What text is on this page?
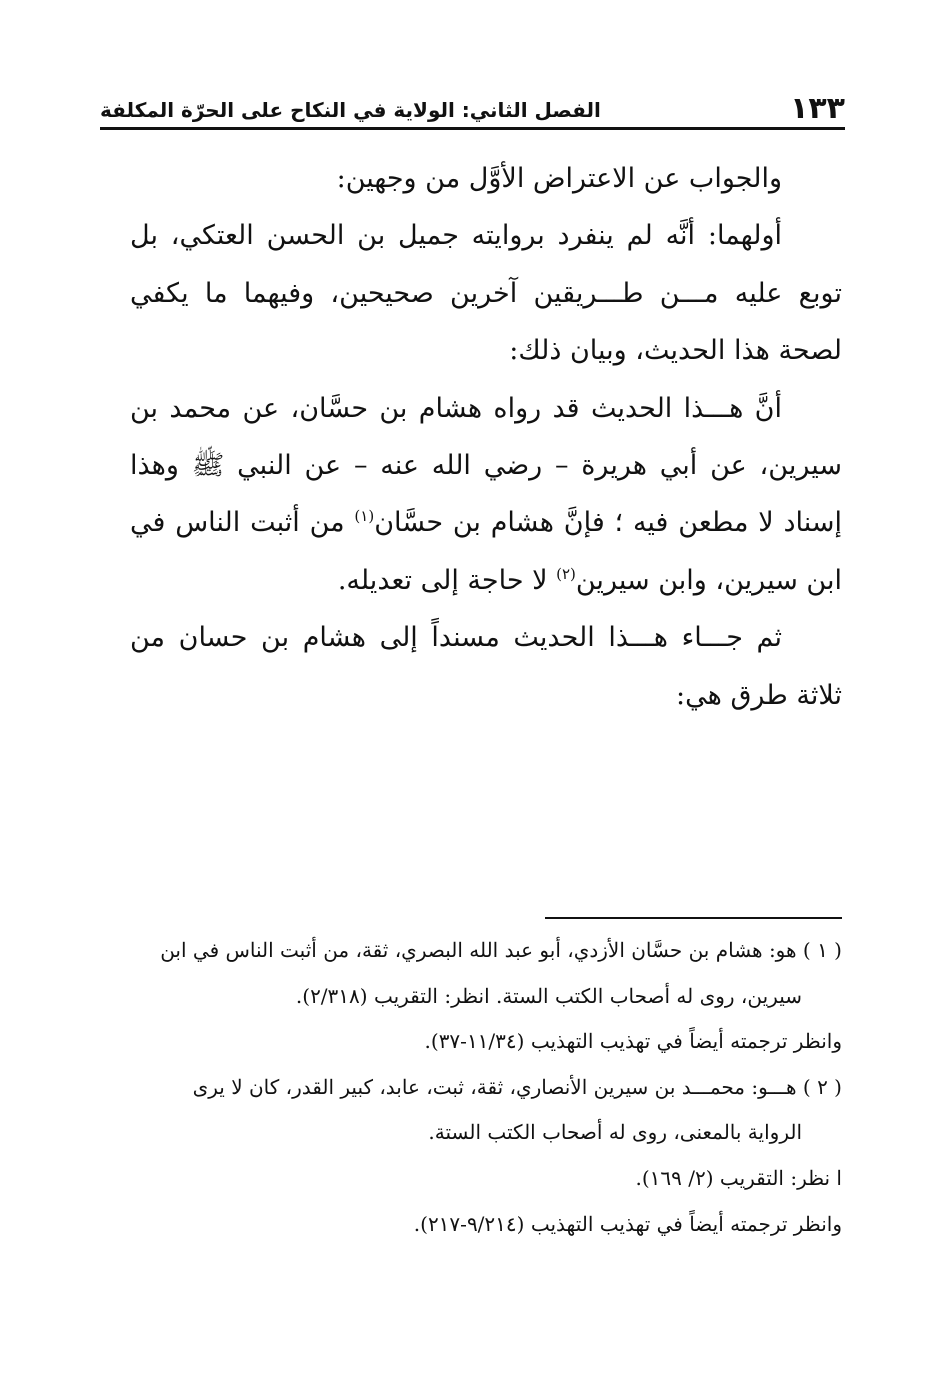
١٣٣
الفصل الثاني: الولاية في النكاح على الحرّة المكلفة

والجواب عن الاعتراض الأوَّل من وجهين:

أولهما: أنَّه لم ينفرد بروايته جميل بن الحسن العتكي، بل توبع عليه مـــن طـــريقين آخرين صحيحين، وفيهما ما يكفي لصحة هذا الحديث، وبيان ذلك:

أنَّ هـــذا الحديث قد رواه هشام بن حسَّان، عن محمد بن سيرين، عن أبي هريرة – رضي الله عنه – عن النبي ﷺ وهذا إسناد لا مطعن فيه ؛ فإنَّ هشام بن حسَّان$^{(١)}$ من أثبت الناس في ابن سيرين، وابن سيرين$^{(٢)}$ لا حاجة إلى تعديله.

ثم جـــاء هـــذا الحديث مسنداً إلى هشام بن حسان من ثلاثة طرق هي:

( ١ ) هو: هشام بن حسَّان الأزدي، أبو عبد الله البصري، ثقة، من أثبت الناس في ابن

سيرين، روى له أصحاب الكتب الستة. انظر: التقريب (٢/٣١٨).

وانظر ترجمته أيضاً في تهذيب التهذيب (١١/٣٤-٣٧).

( ٢ ) هـــو: محمـــد بن سيرين الأنصاري، ثقة، ثبت، عابد، كبير القدر، كان لا يرى

الرواية بالمعنى، روى له أصحاب الكتب الستة.

ا نظر: التقريب (٢/ ١٦٩).

وانظر ترجمته أيضاً في تهذيب التهذيب (٩/٢١٤-٢١٧).
